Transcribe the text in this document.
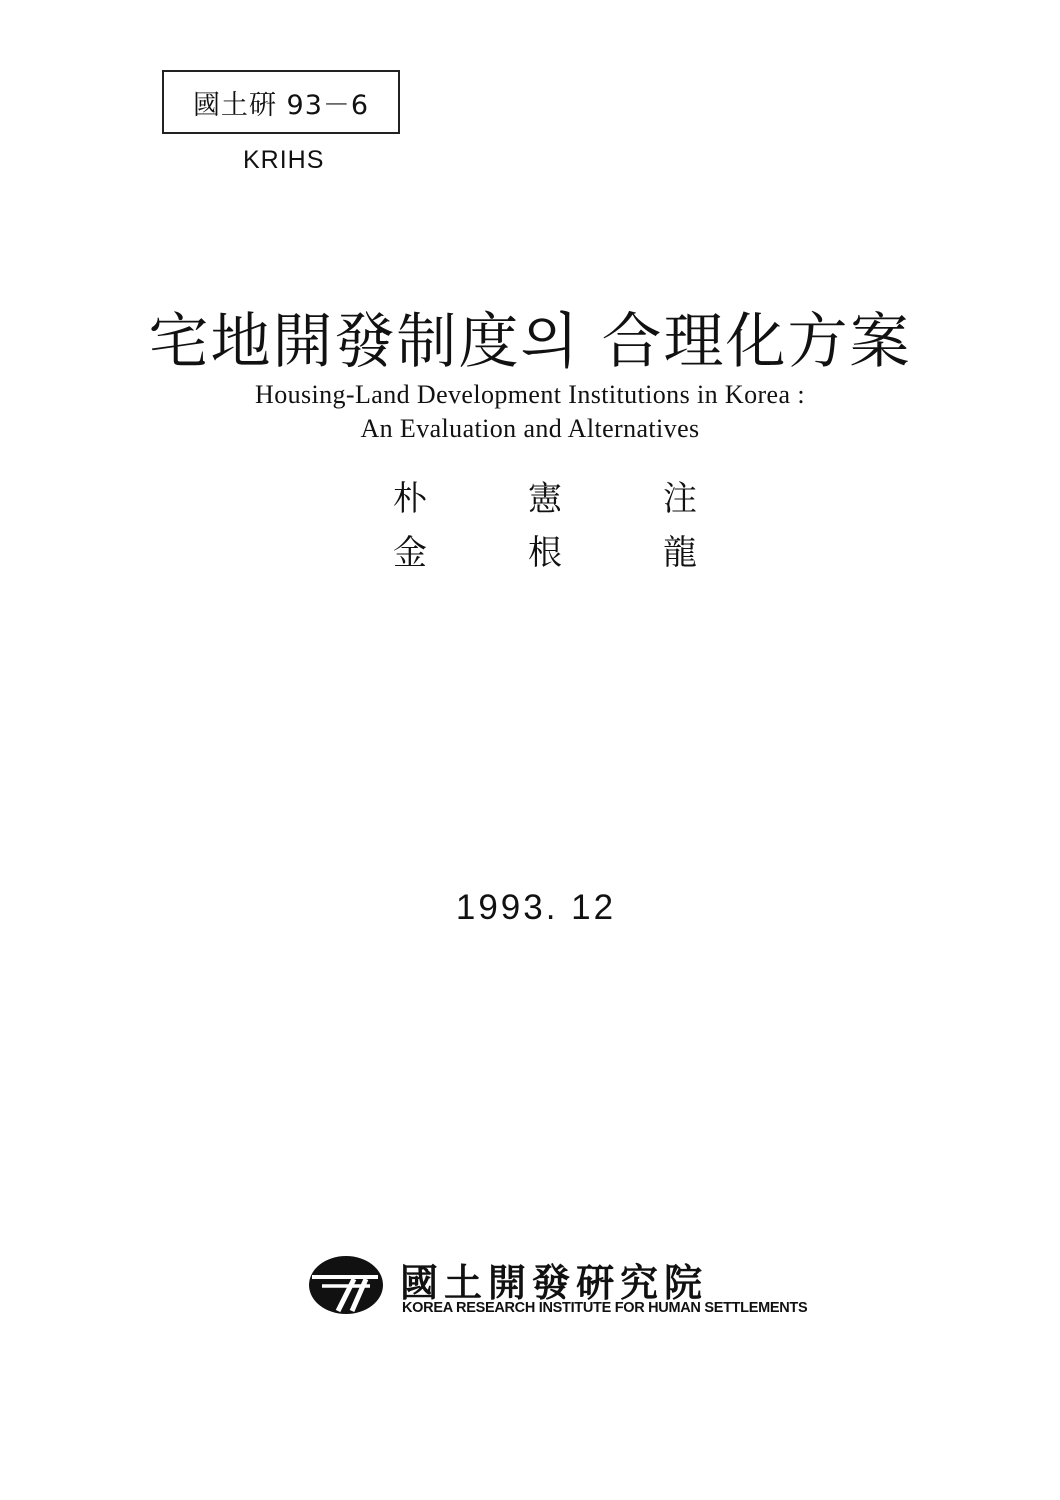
國土硏 93－6
KRIHS
宅地開發制度의 合理化方案
Housing-Land Development Institutions in Korea :
An Evaluation and Alternatives
朴	憲	注
金	根	龍
1993. 12
國土開發硏究院
KOREA RESEARCH INSTITUTE FOR HUMAN SETTLEMENTS
